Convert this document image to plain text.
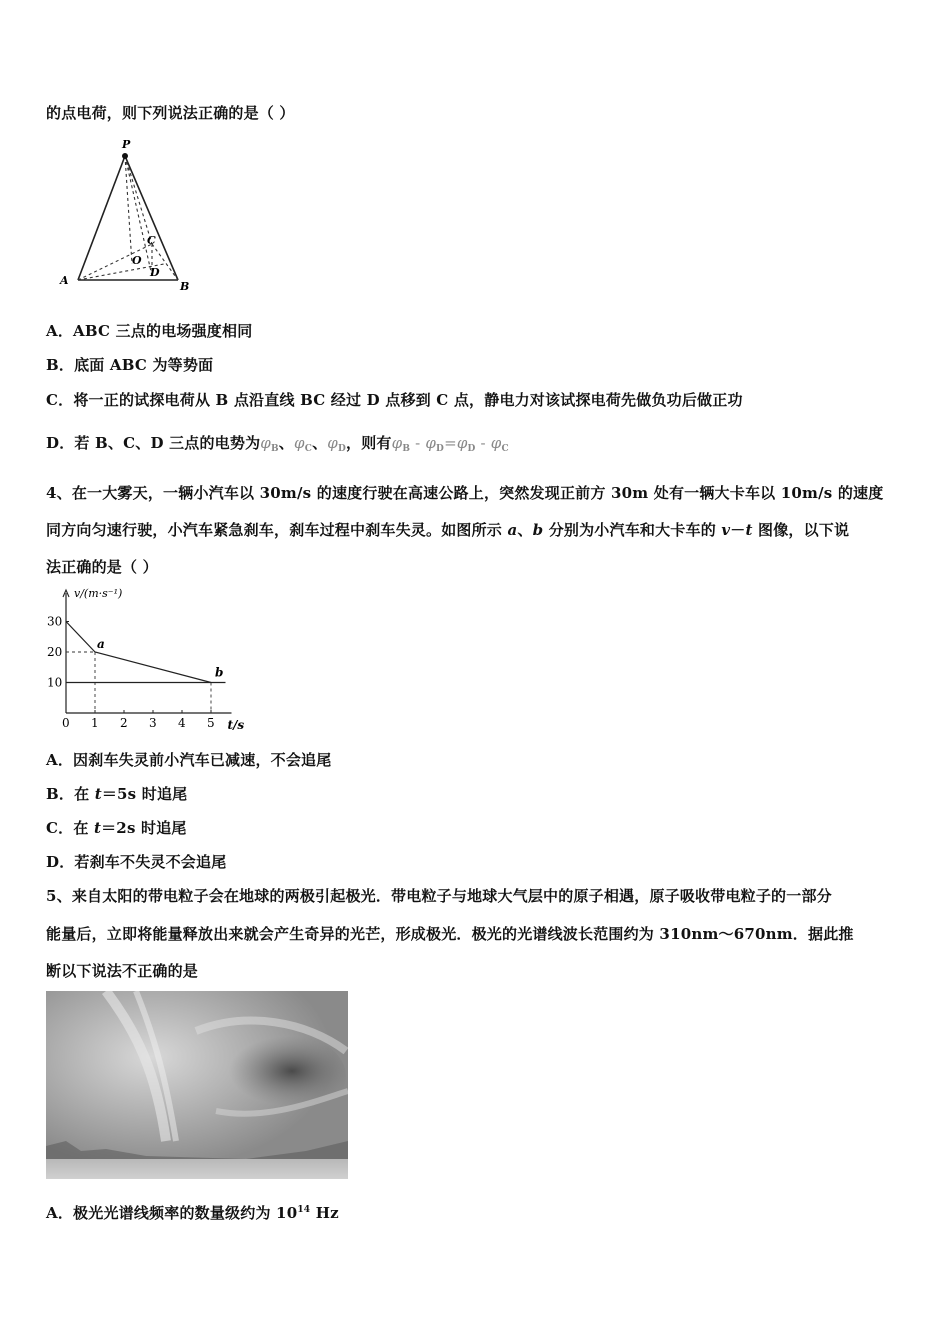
的点电荷，则下列说法正确的是（ ）
P
A	B
C
D
O
A．ABC 三点的电场强度相同
B．底面 ABC 为等势面
C．将一正的试探电荷从 B 点沿直线 BC 经过 D 点移到 C 点，静电力对该试探电荷先做负功后做正功
D．若 B、C、D 三点的电势为$\varphi_B$、$\varphi_C$、$\varphi_D$，则有$\varphi_B - \varphi_D=\varphi_D - \varphi_C$
4、在一大雾天，一辆小汽车以 30m/s 的速度行驶在高速公路上，突然发现正前方 30m 处有一辆大卡车以 10m/s 的速度
同方向匀速行驶，小汽车紧急刹车，刹车过程中刹车失灵。如图所示 a、b 分别为小汽车和大卡车的 v－t 图像，以下说
法正确的是（ ）
0 1 2 3 4 5
10
20
30
v/(m·s⁻¹)
t/s
a
b
A．因刹车失灵前小汽车已减速，不会追尾
B．在 t＝5s 时追尾
C．在 t＝2s 时追尾
D．若刹车不失灵不会追尾
5、来自太阳的带电粒子会在地球的两极引起极光．带电粒子与地球大气层中的原子相遇，原子吸收带电粒子的一部分
能量后，立即将能量释放出来就会产生奇异的光芒，形成极光．极光的光谱线波长范围约为 310nm～670nm．据此推
断以下说法不正确的是
A．极光光谱线频率的数量级约为 $10^{14}$ Hz
